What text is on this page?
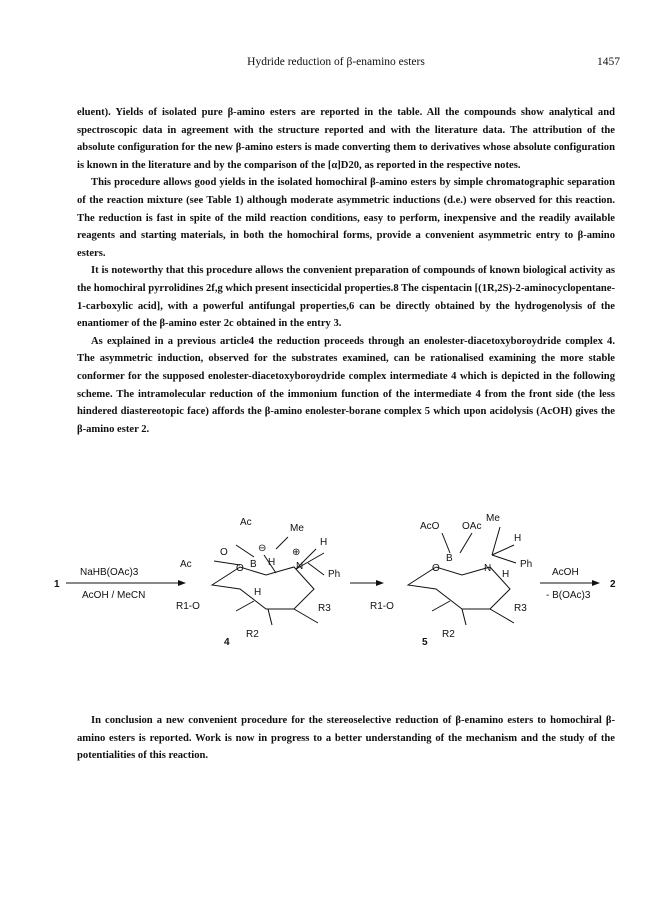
Hydride reduction of β-enamino esters	1457

eluent). Yields of isolated pure β-amino esters are reported in the table. All the compounds show analytical and spectroscopic data in agreement with the structure reported and with the literature data. The attribution of the absolute configuration for the new β-amino esters is made converting them to derivatives whose absolute configuration is known in the literature and by the comparison of the [α]D20, as reported in the respective notes.

This procedure allows good yields in the isolated homochiral β-amino esters by simple chromatographic separation of the reaction mixture (see Table 1) although moderate asymmetric inductions (d.e.) were observed for this reaction. The reduction is fast in spite of the mild reaction conditions, easy to perform, inexpensive and the readily available reagents and starting materials, in both the homochiral forms, provide a convenient asymmetric entry to β-amino esters.

It is noteworthy that this procedure allows the convenient preparation of compounds of known biological activity as the homochiral pyrrolidines 2f,g which present insecticidal properties.8 The cispentacin [(1R,2S)-2-aminocyclopentane-1-carboxylic acid], with a powerful antifungal properties,6 can be directly obtained by the hydrogenolysis of the enantiomer of the β-amino ester 2c obtained in the entry 3.

As explained in a previous article4 the reduction proceeds through an enolester-diacetoxyboroydride complex 4. The asymmetric induction, observed for the substrates examined, can be rationalised examining the more stable conformer for the supposed enolester-diacetoxyboroydride complex intermediate 4 which is depicted in the following scheme. The intramolecular reduction of the immonium function of the intermediate 4 from the front side (the less hindered diastereotopic face) affords the β-amino enolester-borane complex 5 which upon acidolysis (AcOH) gives the β-amino ester 2.

1
NaHB(OAc)3
AcOH / MeCN
Ac
Me
O
Ac
⊖
B
O
H
⊕
N
H
Ph
H
R1-O	R3
R2
4
AcO OAc
Me
B
O	N
H
Ph
H
R1-O	R3
R2
5
AcOH
- B(OAc)3
2
In conclusion a new convenient procedure for the stereoselective reduction of β-enamino esters to homochiral β-amino esters is reported. Work is now in progress to a better understanding of the mechanism and the study of the potentialities of this reaction.
